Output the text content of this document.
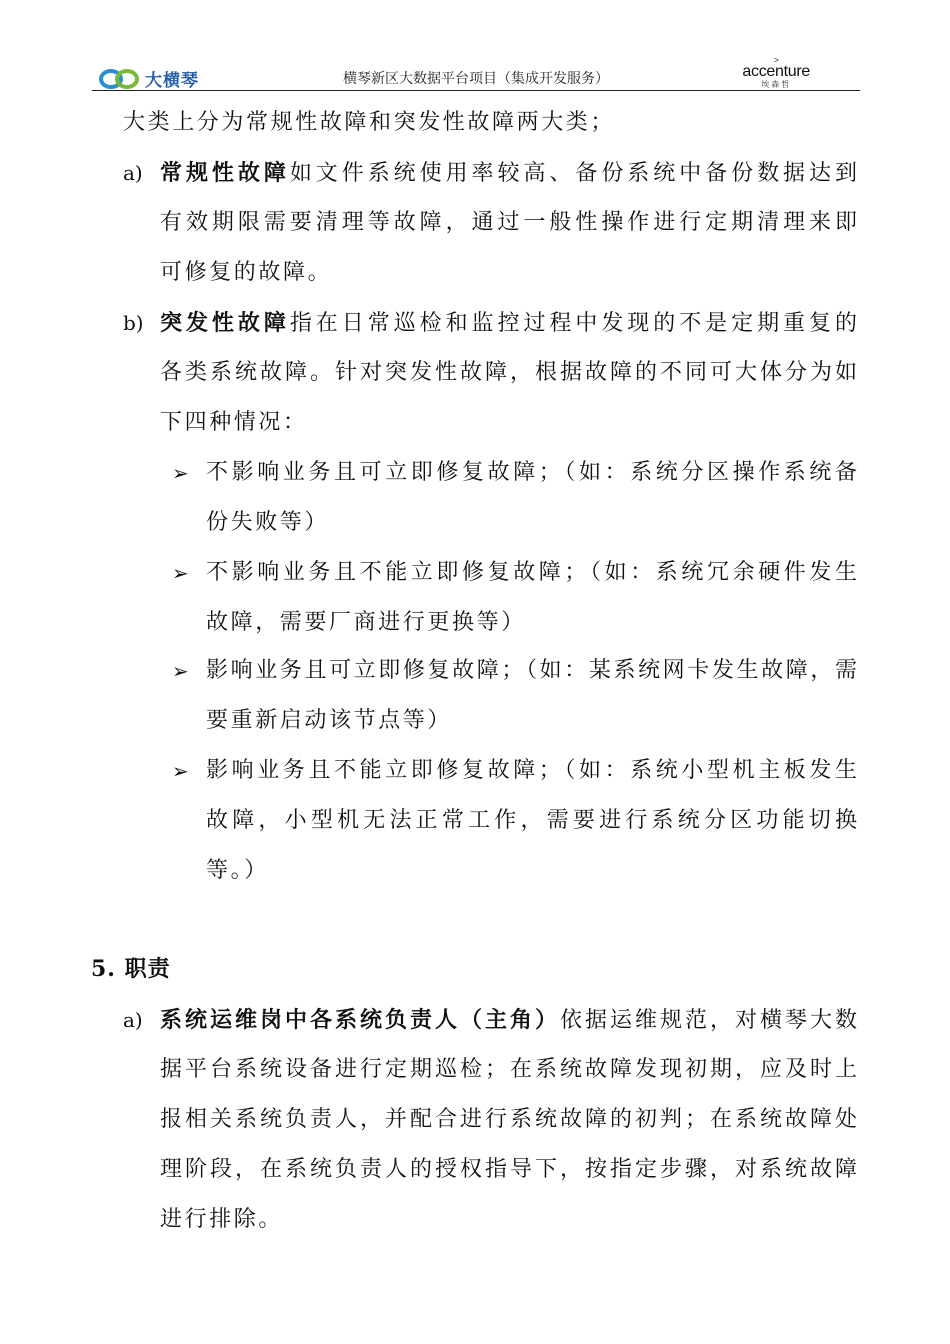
大横琴	横琴新区大数据平台项目（集成开发服务）
>
accenture
埃森哲
大类上分为常规性故障和突发性故障两大类；
a) 常规性故障如文件系统使用率较高、备份系统中备份数据达到
有效期限需要清理等故障，通过一般性操作进行定期清理来即
可修复的故障。
b) 突发性故障指在日常巡检和监控过程中发现的不是定期重复的
各类系统故障。针对突发性故障，根据故障的不同可大体分为如
下四种情况：
➢ 不影响业务且可立即修复故障；（如：系统分区操作系统备
份失败等）
➢ 不影响业务且不能立即修复故障；（如：系统冗余硬件发生
故障，需要厂商进行更换等）
➢ 影响业务且可立即修复故障；（如：某系统网卡发生故障，需
要重新启动该节点等）
➢ 影响业务且不能立即修复故障；（如：系统小型机主板发生
故障，小型机无法正常工作，需要进行系统分区功能切换
等。）
5. 职责
a) 系统运维岗中各系统负责人（主角）依据运维规范，对横琴大数
据平台系统设备进行定期巡检；在系统故障发现初期，应及时上
报相关系统负责人，并配合进行系统故障的初判；在系统故障处
理阶段，在系统负责人的授权指导下，按指定步骤，对系统故障
进行排除。
